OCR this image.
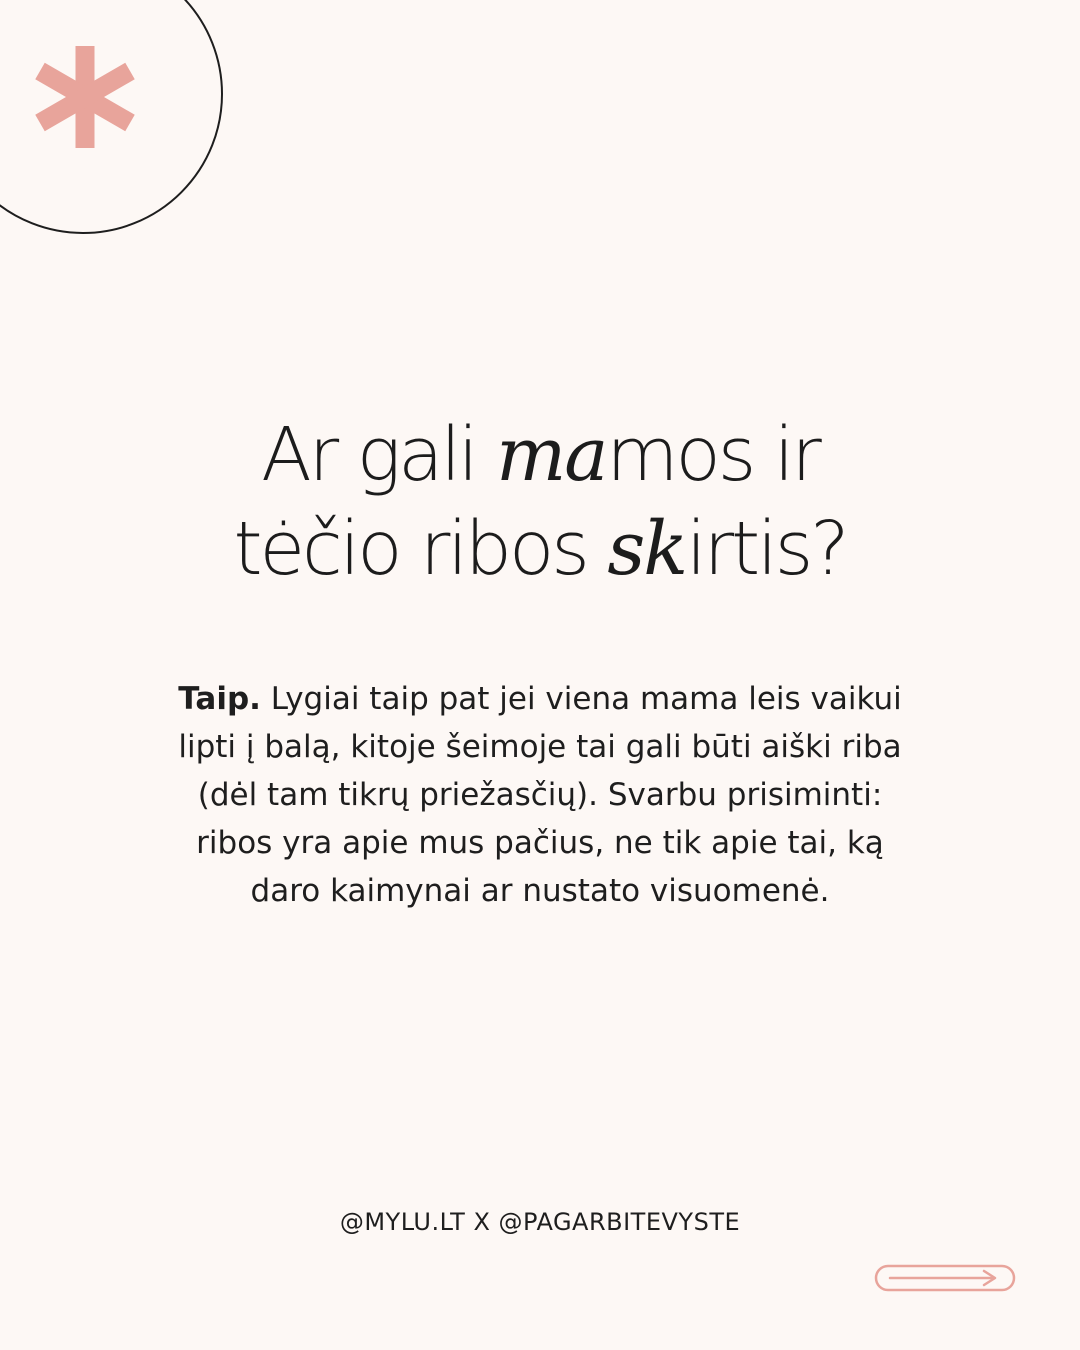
Ar gali mamos ir
tėčio ribos skirtis?
Taip. Lygiai taip pat jei viena mama leis vaikui lipti į balą, kitoje šeimoje tai gali būti aiški riba (dėl tam tikrų priežasčių). Svarbu prisiminti: ribos yra apie mus pačius, ne tik apie tai, ką daro kaimynai ar nustato visuomenė.
@MYLU.LT X @PAGARBITEVYSTE
